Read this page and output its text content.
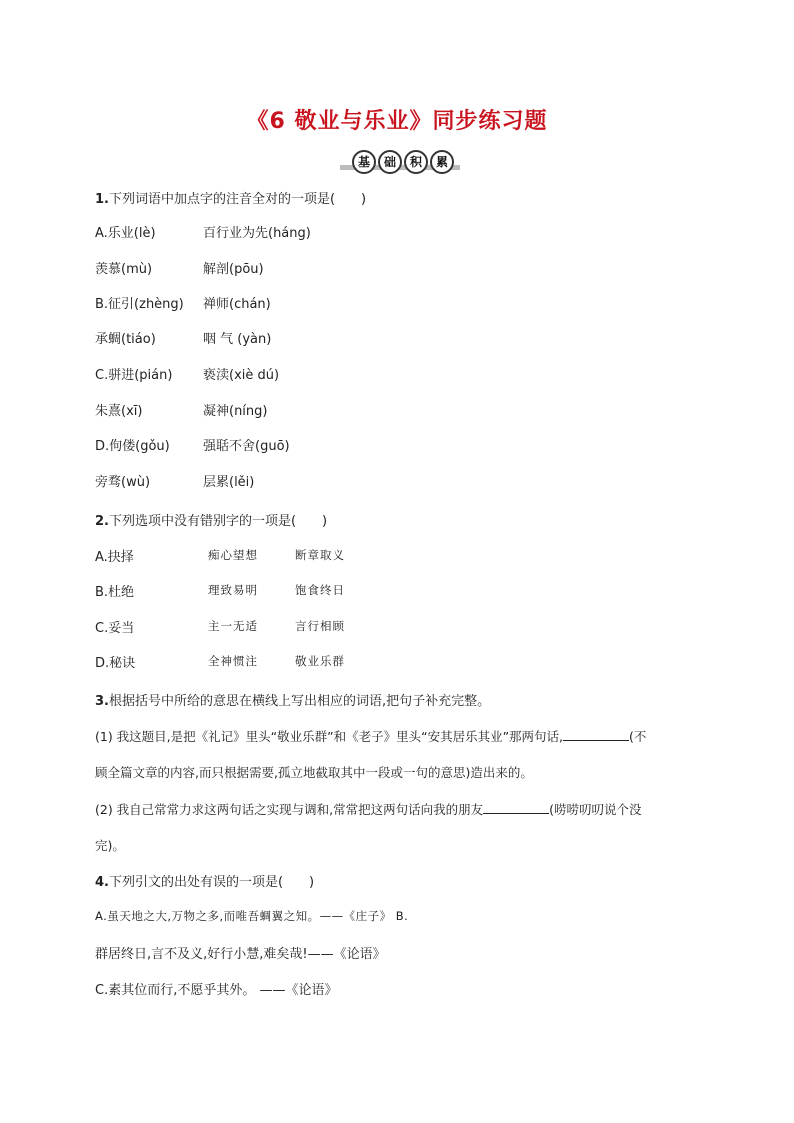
《6 敬业与乐业》同步练习题
基	础	积	累
1.下列词语中加点字的注音全对的一项是(　　)
A.乐业(lè)	百行业为先(háng)
羡慕(mù)	解剖(pōu)
B.征引(zhèng) 禅师(chán)
承蜩(tiáo)	咽 气 (yàn)
C.骈进(pián) 亵渎(xiè dú)
朱熹(xī)	凝神(níng)
D.佝偻(gǒu)	强聒不舍(guō)
旁骛(wù)	层累(lěi)
2.下列选项中没有错别字的一项是(　　)
A.抉择	痴心望想	断章取义
B.杜绝	理致易明	饱食终日
C.妥当	主一无适	言行相顾
D.秘诀	全神惯注	敬业乐群
3.根据括号中所给的意思在横线上写出相应的词语,把句子补充完整。
(1) 我这题目,是把《礼记》里头“敬业乐群”和《老子》里头“安其居乐其业”那两句话,	(不
顾全篇文章的内容,而只根据需要,孤立地截取其中一段或一句的意思)造出来的。
(2) 我自己常常力求这两句话之实现与调和,常常把这两句话向我的朋友	(唠唠叨叨说个没
完)。
4.下列引文的出处有误的一项是(　　)
A.虽天地之大,万物之多,而唯吾蜩翼之知。——《庄子》 B.
群居终日,言不及义,好行小慧,难矣哉!——《论语》
C.素其位而行,不愿乎其外。 ——《论语》
